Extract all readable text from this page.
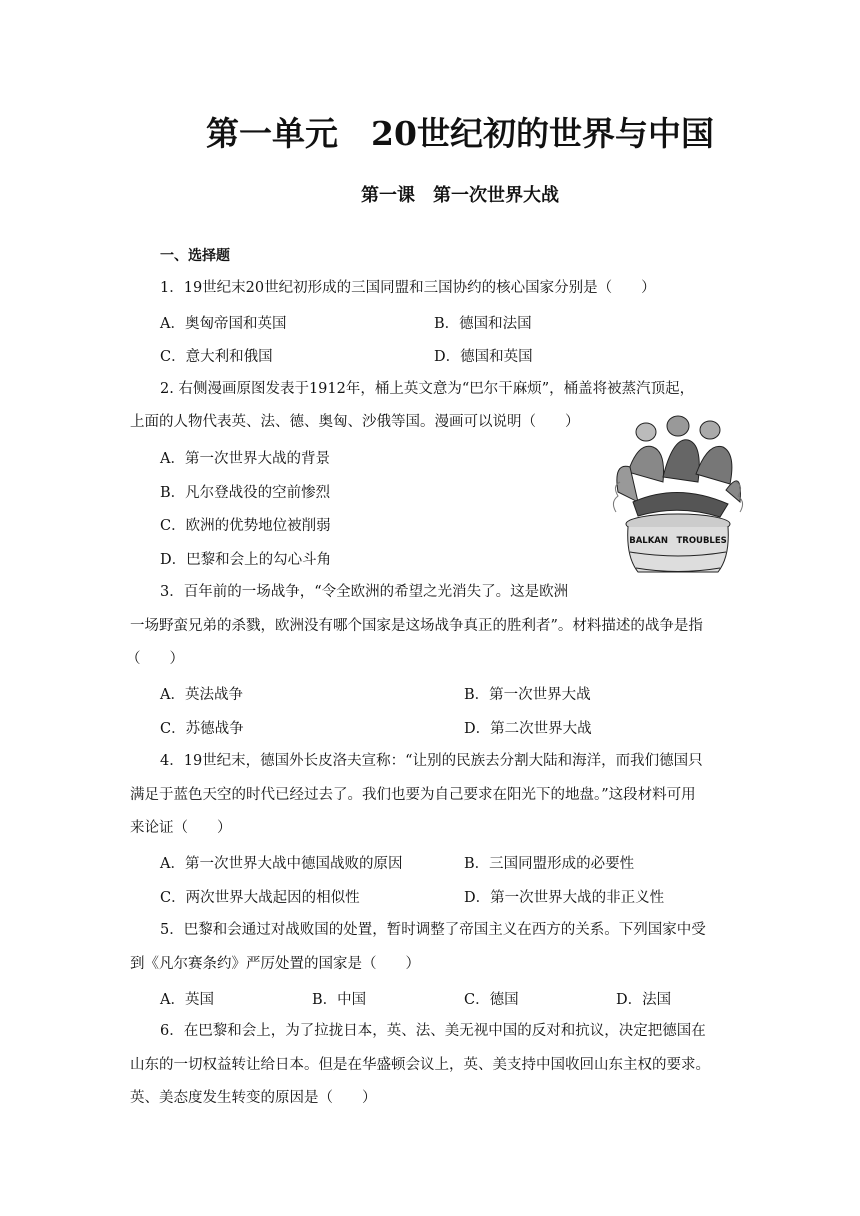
第一单元　20世纪初的世界与中国
第一课　第一次世界大战
一、选择题
1．19世纪末20世纪初形成的三国同盟和三国协约的核心国家分别是（　　）
A．奥匈帝国和英国	B．德国和法国
C．意大利和俄国	D．德国和英国
2. 右侧漫画原图发表于1912年，桶上英文意为“巴尔干麻烦”，桶盖将被蒸汽顶起，
上面的人物代表英、法、德、奥匈、沙俄等国。漫画可以说明（　　）
A．第一次世界大战的背景
B．凡尔登战役的空前惨烈
C．欧洲的优势地位被削弱
D．巴黎和会上的勾心斗角
BALKAN　TROUBLES
3．百年前的一场战争，“令全欧洲的希望之光消失了。这是欧洲
一场野蛮兄弟的杀戮，欧洲没有哪个国家是这场战争真正的胜利者”。材料描述的战争是指
（　　）
A．英法战争	B．第一次世界大战
C．苏德战争	D．第二次世界大战
4．19世纪末，德国外长皮洛夫宣称：“让别的民族去分割大陆和海洋，而我们德国只
满足于蓝色天空的时代已经过去了。我们也要为自己要求在阳光下的地盘。”这段材料可用
来论证（　　）
A．第一次世界大战中德国战败的原因	B．三国同盟形成的必要性
C．两次世界大战起因的相似性	D．第一次世界大战的非正义性
5．巴黎和会通过对战败国的处置，暂时调整了帝国主义在西方的关系。下列国家中受
到《凡尔赛条约》严厉处置的国家是（　　）
A．英国	B．中国	C．德国	D．法国
6．在巴黎和会上，为了拉拢日本，英、法、美无视中国的反对和抗议，决定把德国在
山东的一切权益转让给日本。但是在华盛顿会议上，英、美支持中国收回山东主权的要求。
英、美态度发生转变的原因是（　　）
